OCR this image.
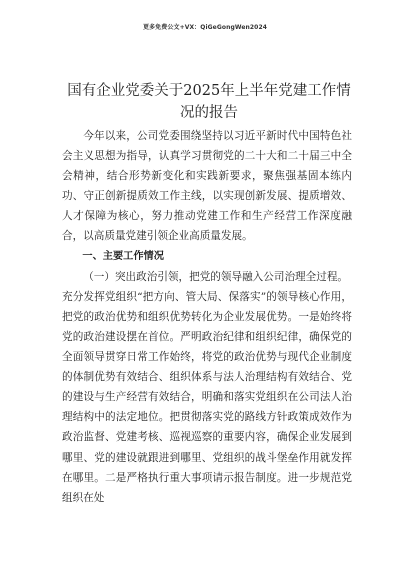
更多免费公文+VX：QiGeGongWen2024
国有企业党委关于2025年上半年党建工作情况的报告

今年以来，公司党委围绕坚持以习近平新时代中国特色社会主义思想为指导，认真学习贯彻党的二十大和二十届三中全会精神，结合形势新变化和实践新要求，聚焦强基固本练内功、守正创新提质效工作主线，以实现创新发展、提质增效、人才保障为核心，努力推动党建工作和生产经营工作深度融合，以高质量党建引领企业高质量发展。

一、主要工作情况

（一）突出政治引领，把党的领导融入公司治理全过程。

充分发挥党组织“把方向、管大局、保落实”的领导核心作用，把党的政治优势和组织优势转化为企业发展优势。一是始终将党的政治建设摆在首位。严明政治纪律和组织纪律，确保党的全面领导贯穿日常工作始终，将党的政治优势与现代企业制度的体制优势有效结合、组织体系与法人治理结构有效结合、党的建设与生产经营有效结合，明确和落实党组织在公司法人治理结构中的法定地位。把贯彻落实党的路线方针政策成效作为政治监督、党建考核、巡视巡察的重要内容，确保企业发展到哪里、党的建设就跟进到哪里、党组织的战斗堡垒作用就发挥在哪里。二是严格执行重大事项请示报告制度。进一步规范党组织在处
